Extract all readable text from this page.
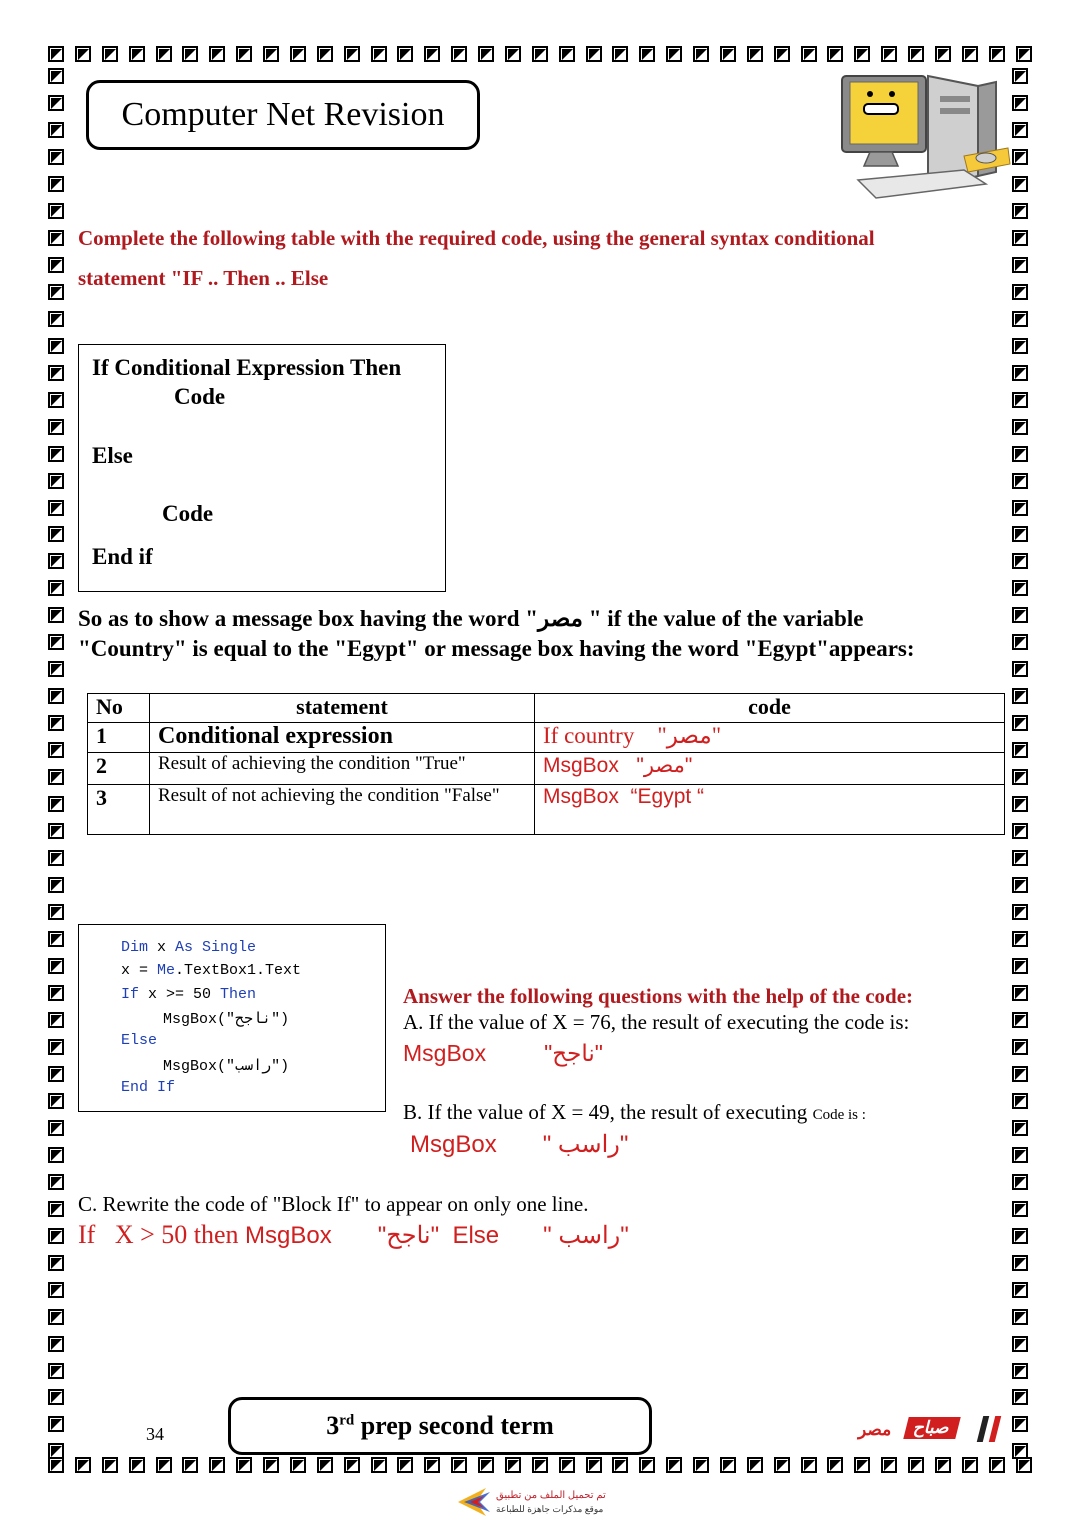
Computer Net Revision
Complete the following table with the required code, using the general syntax conditional
statement "IF .. Then .. Else
If Conditional Expression Then
Code
Else
Code
End if
So as to show a message box having the word "مصر " if the value of the variable
"Country" is equal to the "Egypt" or message box having the word "Egypt"appears:
No	statement	code
1	Conditional expression	If country    "مصر"
2	Result of achieving the condition "True"	MsgBox   "مصر"
3	Result of not achieving the condition "False"	MsgBox  “Egypt “
Dim x As Single
x = Me.TextBox1.Text
If x >= 50 Then
MsgBox("ناجح")
Else
MsgBox("راسب")
End If
Answer the following questions with the help of the code:
A. If the value of X = 76, the result of executing the code is:
MsgBox	"ناجح"
B. If the value of X = 49, the result of executing Code is :
MsgBox " راسب"
C. Rewrite the code of "Block If" to appear on only one line.
If   X > 50 then MsgBox "ناجح"  Else " راسب"
34	3rd prep second term	مصر	صباح
تم تحميل الملف من تطبيق
موقع مذكرات جاهزة للطباعة
